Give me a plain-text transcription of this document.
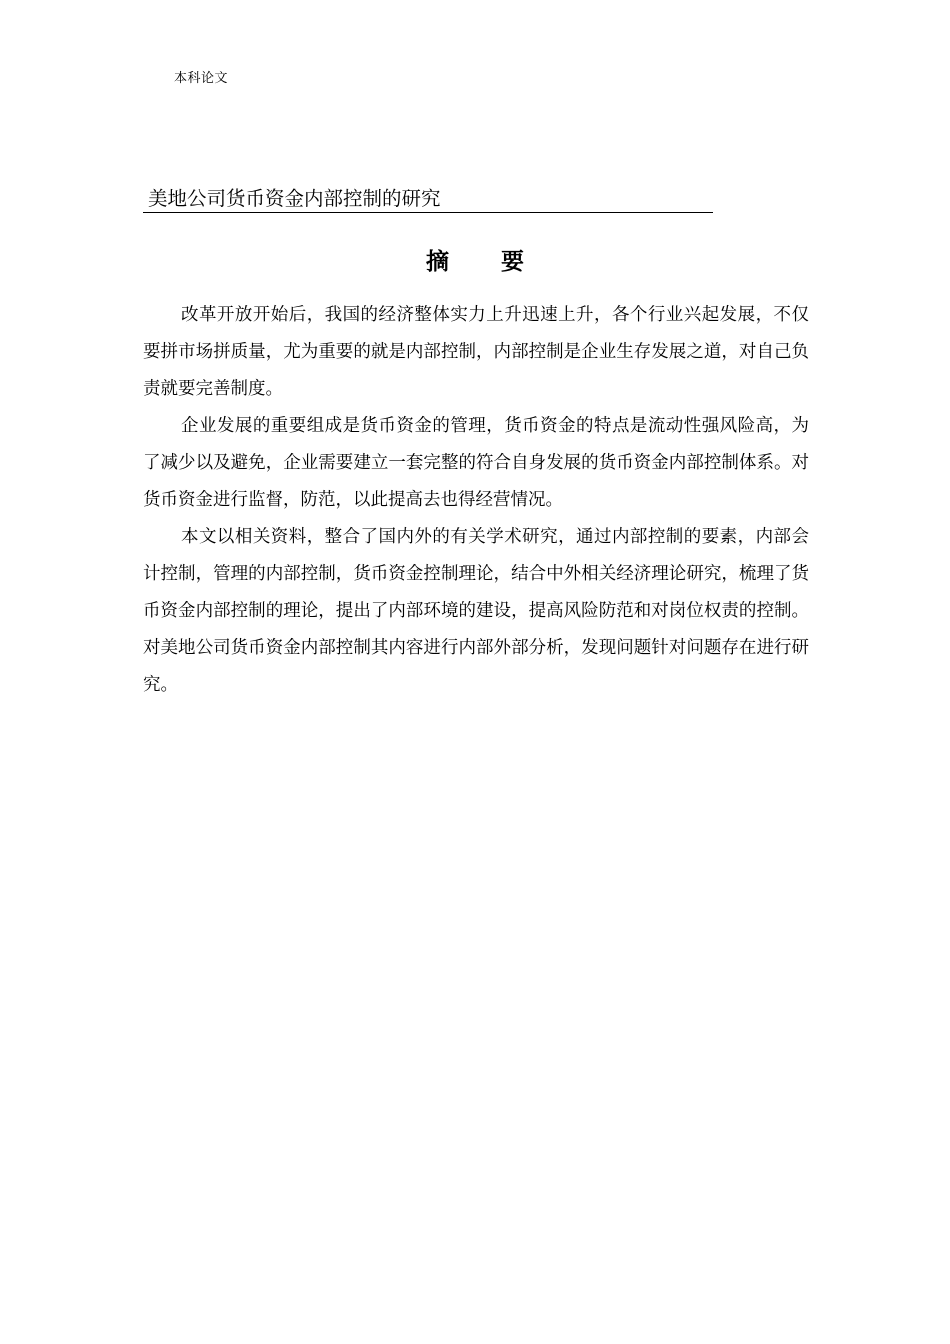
本科论文
美地公司货币资金内部控制的研究
摘 要

改革开放开始后，我国的经济整体实力上升迅速上升，各个行业兴起发展，不仅要拼市场拼质量，尤为重要的就是内部控制，内部控制是企业生存发展之道，对自己负责就要完善制度。

企业发展的重要组成是货币资金的管理，货币资金的特点是流动性强风险高，为了减少以及避免，企业需要建立一套完整的符合自身发展的货币资金内部控制体系。对货币资金进行监督，防范，以此提高去也得经营情况。

本文以相关资料，整合了国内外的有关学术研究，通过内部控制的要素，内部会计控制，管理的内部控制，货币资金控制理论，结合中外相关经济理论研究，梳理了货币资金内部控制的理论，提出了内部环境的建设，提高风险防范和对岗位权责的控制。对美地公司货币资金内部控制其内容进行内部外部分析，发现问题针对问题存在进行研究。
